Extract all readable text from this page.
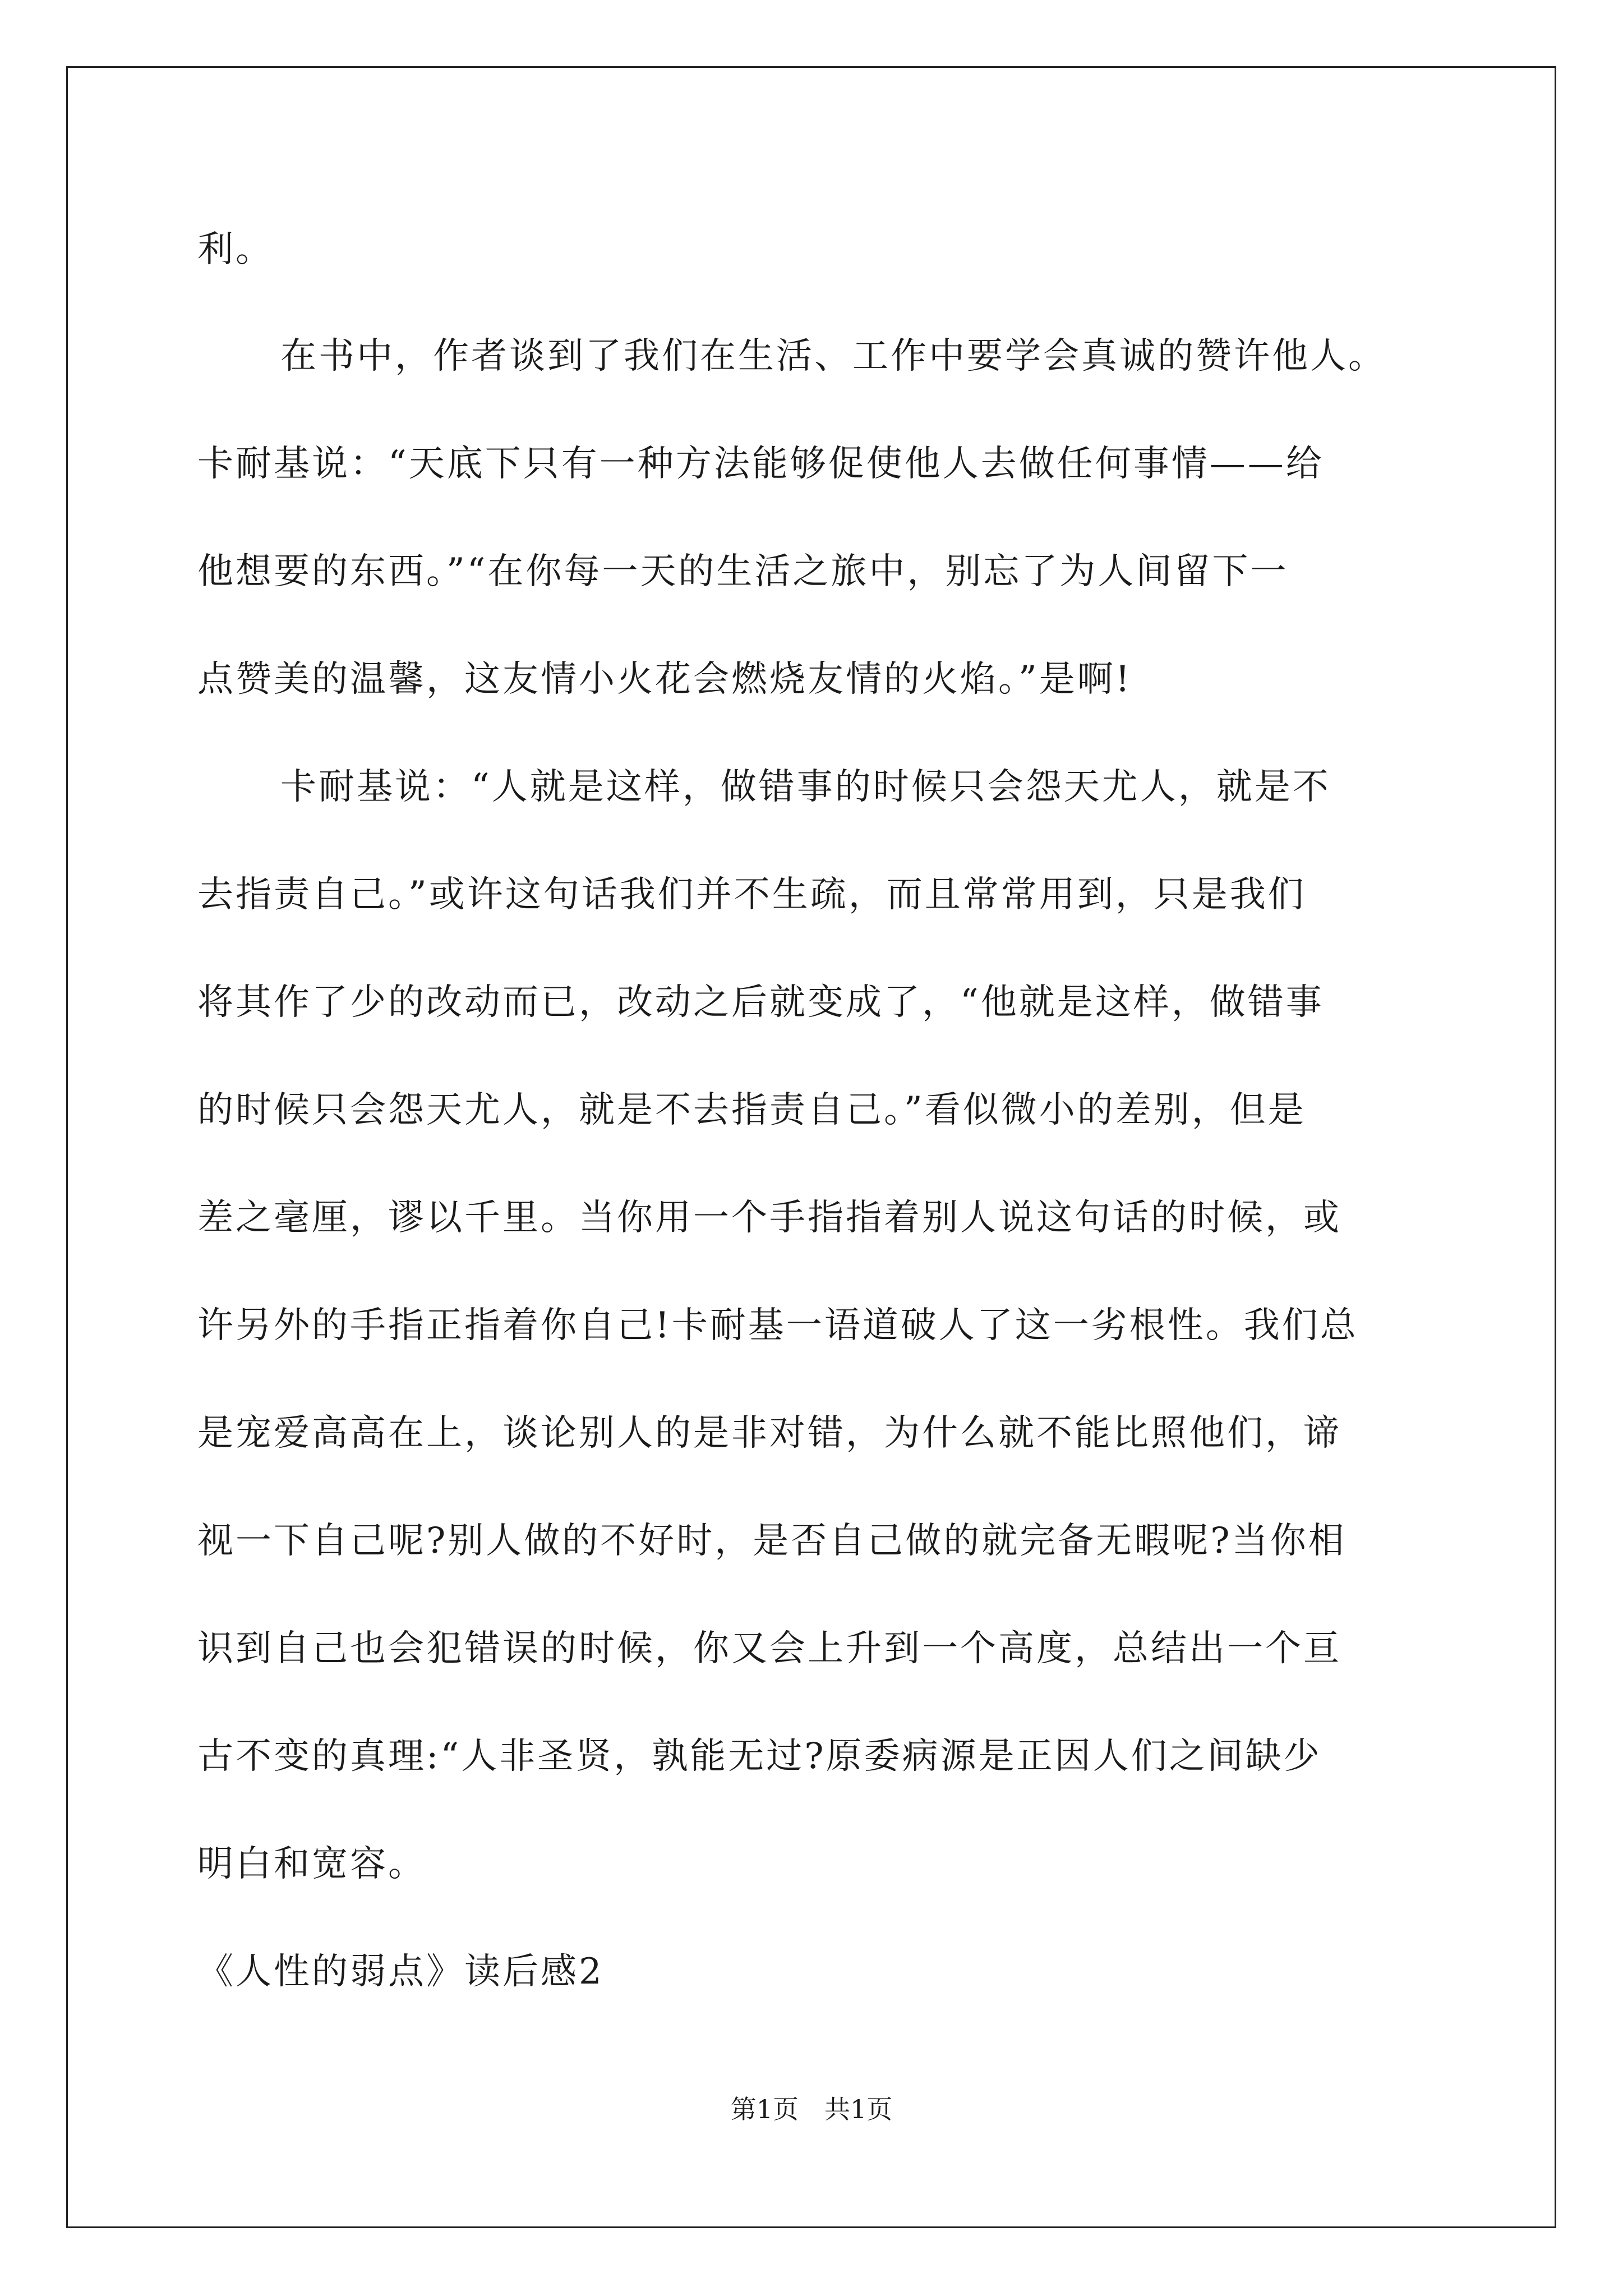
利。
在书中，作者谈到了我们在生活、工作中要学会真诚的赞许他人。
卡耐基说：“天底下只有一种方法能够促使他人去做任何事情——给
他想要的东西。”“在你每一天的生活之旅中，别忘了为人间留下一
点赞美的温馨，这友情小火花会燃烧友情的火焰。”是啊!
卡耐基说：“人就是这样，做错事的时候只会怨天尤人，就是不
去指责自己。”或许这句话我们并不生疏，而且常常用到，只是我们
将其作了少的改动而已，改动之后就变成了，“他就是这样，做错事
的时候只会怨天尤人，就是不去指责自己。”看似微小的差别，但是
差之毫厘，谬以千里。当你用一个手指指着别人说这句话的时候，或
许另外的手指正指着你自己!卡耐基一语道破人了这一劣根性。我们总
是宠爱高高在上，谈论别人的是非对错，为什么就不能比照他们，谛
视一下自己呢?别人做的不好时，是否自己做的就完备无暇呢?当你相
识到自己也会犯错误的时候，你又会上升到一个高度，总结出一个亘
古不变的真理:“人非圣贤，孰能无过?原委病源是正因人们之间缺少
明白和宽容。
《人性的弱点》读后感2
第1页　共1页
